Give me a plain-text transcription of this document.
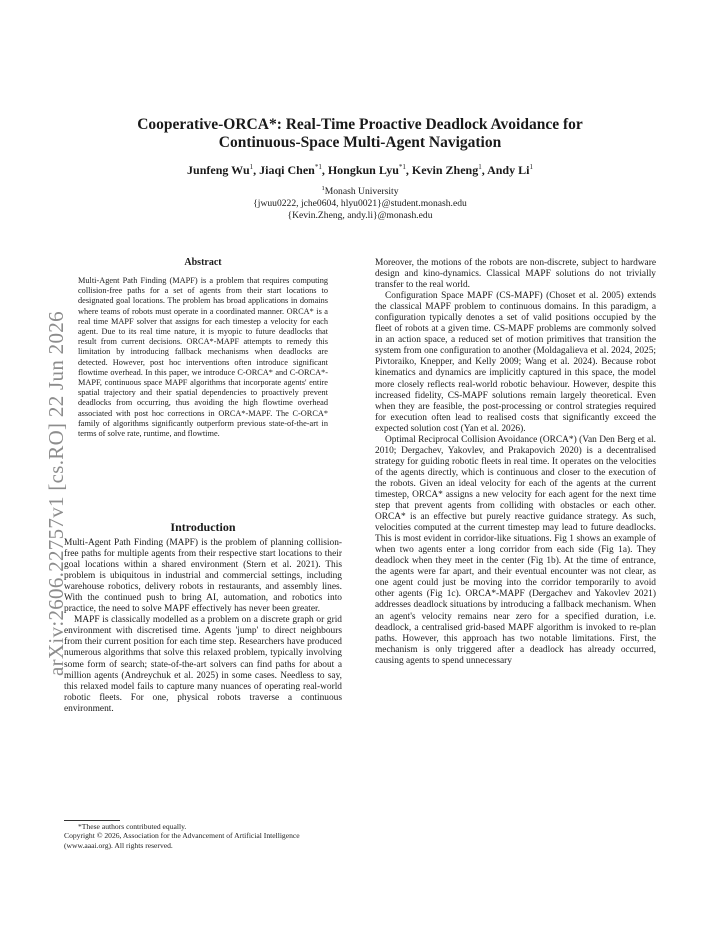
arXiv:2606.22757v1 [cs.RO] 22 Jun 2026
Cooperative-ORCA*: Real-Time Proactive Deadlock Avoidance for
Continuous-Space Multi-Agent Navigation
Junfeng Wu$^1$, Jiaqi Chen$^{*1}$, Hongkun Lyu$^{*1}$, Kevin Zheng$^1$, Andy Li$^1$
$^1$Monash University
{jwuu0222, jche0604, hlyu0021}@student.monash.edu
{Kevin.Zheng, andy.li}@monash.edu
Abstract
Multi-Agent Path Finding (MAPF) is a problem that requires computing collision-free paths for a set of agents from their start locations to designated goal locations. The problem has broad applications in domains where teams of robots must operate in a coordinated manner. ORCA* is a real time MAPF solver that assigns for each timestep a velocity for each agent. Due to its real time nature, it is myopic to future deadlocks that result from current decisions. ORCA*-MAPF attempts to remedy this limitation by introducing fallback mechanisms when deadlocks are detected. However, post hoc interventions often introduce significant flowtime overhead. In this paper, we introduce C-ORCA* and C-ORCA*-MAPF, continuous space MAPF algorithms that incorporate agents' entire spatial trajectory and their spatial dependencies to proactively prevent deadlocks from occurring, thus avoiding the high flowtime overhead associated with post hoc corrections in ORCA*-MAPF. The C-ORCA* family of algorithms significantly outperform previous state-of-the-art in terms of solve rate, runtime, and flowtime.
Introduction

Multi-Agent Path Finding (MAPF) is the problem of planning collision-free paths for multiple agents from their respective start locations to their goal locations within a shared environment (Stern et al. 2021). This problem is ubiquitous in industrial and commercial settings, including warehouse robotics, delivery robots in restaurants, and assembly lines. With the continued push to bring AI, automation, and robotics into practice, the need to solve MAPF effectively has never been greater.

MAPF is classically modelled as a problem on a discrete graph or grid environment with discretised time. Agents 'jump' to direct neighbours from their current position for each time step. Researchers have produced numerous algorithms that solve this relaxed problem, typically involving some form of search; state-of-the-art solvers can find paths for about a million agents (Andreychuk et al. 2025) in some cases. Needless to say, this relaxed model fails to capture many nuances of operating real-world robotic fleets. For one, physical robots traverse a continuous environment.

*These authors contributed equally.
Copyright © 2026, Association for the Advancement of Artificial Intelligence (www.aaai.org). All rights reserved.

Moreover, the motions of the robots are non-discrete, subject to hardware design and kino-dynamics. Classical MAPF solutions do not trivially transfer to the real world.

Configuration Space MAPF (CS-MAPF) (Choset et al. 2005) extends the classical MAPF problem to continuous domains. In this paradigm, a configuration typically denotes a set of valid positions occupied by the fleet of robots at a given time. CS-MAPF problems are commonly solved in an action space, a reduced set of motion primitives that transition the system from one configuration to another (Moldagalieva et al. 2024, 2025; Pivtoraiko, Knepper, and Kelly 2009; Wang et al. 2024). Because robot kinematics and dynamics are implicitly captured in this space, the model more closely reflects real-world robotic behaviour. However, despite this increased fidelity, CS-MAPF solutions remain largely theoretical. Even when they are feasible, the post-processing or control strategies required for execution often lead to realised costs that significantly exceed the expected solution cost (Yan et al. 2026).

Optimal Reciprocal Collision Avoidance (ORCA*) (Van Den Berg et al. 2010; Dergachev, Yakovlev, and Prakapovich 2020) is a decentralised strategy for guiding robotic fleets in real time. It operates on the velocities of the agents directly, which is continuous and closer to the execution of the robots. Given an ideal velocity for each of the agents at the current timestep, ORCA* assigns a new velocity for each agent for the next time step that prevent agents from colliding with obstacles or each other. ORCA* is an effective but purely reactive guidance strategy. As such, velocities computed at the current timestep may lead to future deadlocks. This is most evident in corridor-like situations. Fig 1 shows an example of when two agents enter a long corridor from each side (Fig 1a). They deadlock when they meet in the center (Fig 1b). At the time of entrance, the agents were far apart, and their eventual encounter was not clear, as one agent could just be moving into the corridor temporarily to avoid other agents (Fig 1c). ORCA*-MAPF (Dergachev and Yakovlev 2021) addresses deadlock situations by introducing a fallback mechanism. When an agent's velocity remains near zero for a specified duration, i.e. deadlock, a centralised grid-based MAPF algorithm is invoked to re-plan paths. However, this approach has two notable limitations. First, the mechanism is only triggered after a deadlock has already occurred, causing agents to spend unnecessary
